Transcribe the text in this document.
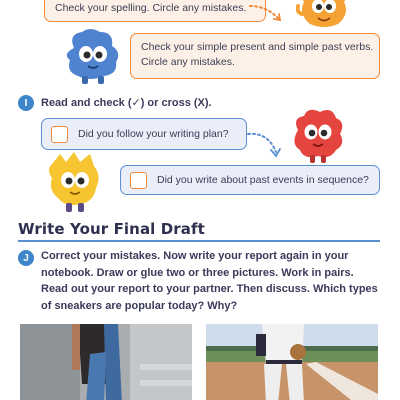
Check your spelling. Circle any mistakes.
Check your simple present and simple past verbs.
Circle any mistakes.
I	Read and check (✓) or cross (X).
Did you follow your writing plan?
Did you write about past events in sequence?
Write Your Final Draft
J	Correct your mistakes. Now write your report again in your
notebook. Draw or glue two or three pictures. Work in pairs.
Read out your report to your partner. Then discuss. Which types
of sneakers are popular today? Why?
